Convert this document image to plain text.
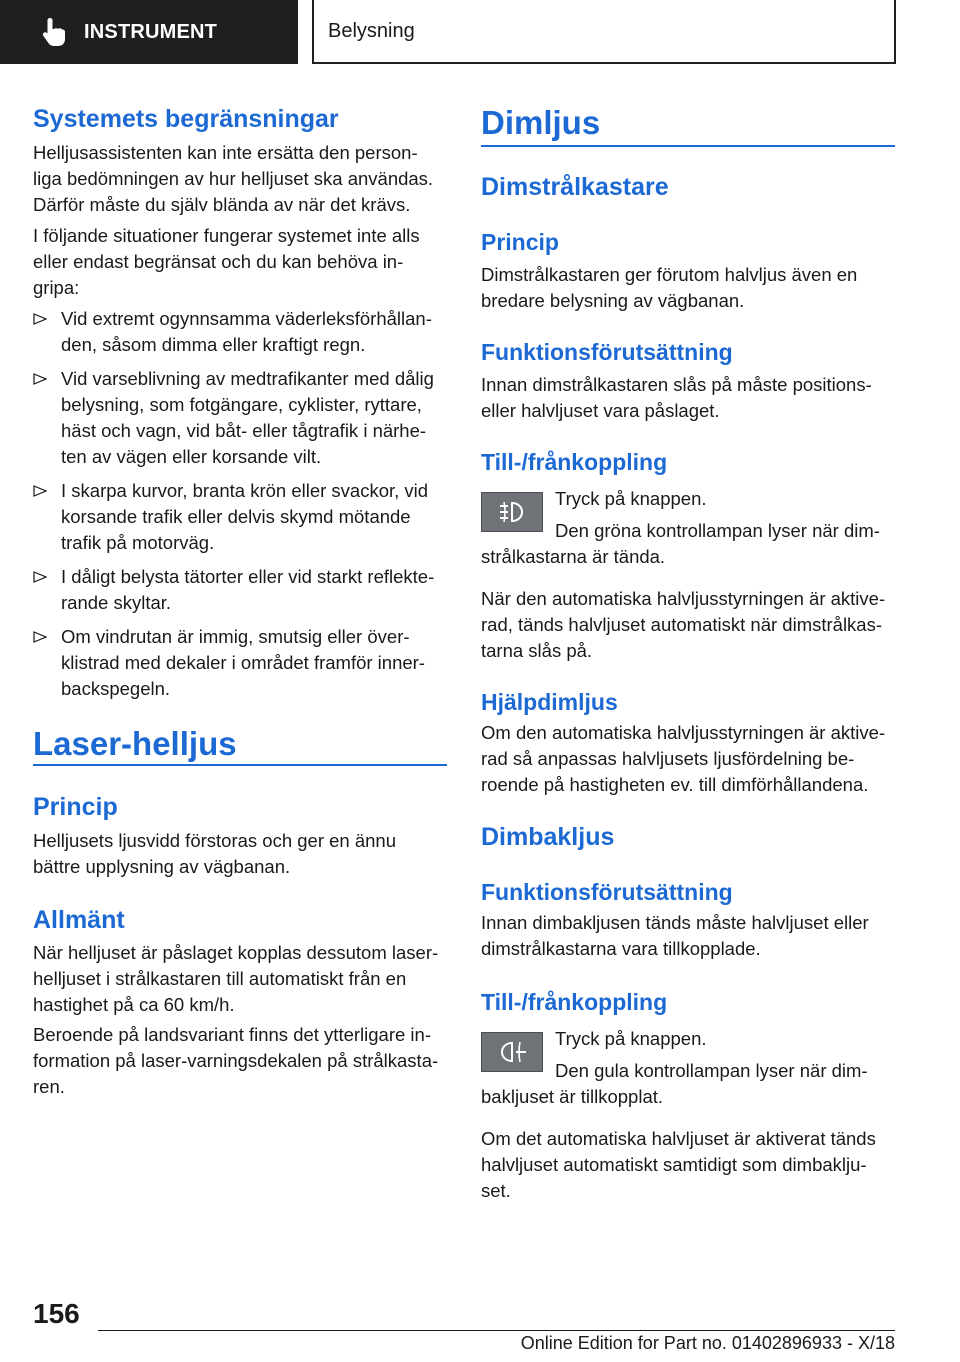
INSTRUMENT	Belysning
Systemets begränsningar

Helljusassistenten kan inte ersätta den person-
liga bedömningen av hur helljuset ska användas.
Därför måste du själv blända av när det krävs.

I följande situationer fungerar systemet inte alls
eller endast begränsat och du kan behöva in-
gripa:

Vid extremt ogynnsamma väderleksförhållan-
den, såsom dimma eller kraftigt regn.
Vid varseblivning av medtrafikanter med dålig
belysning, som fotgängare, cyklister, ryttare,
häst och vagn, vid båt- eller tågtrafik i närhe-
ten av vägen eller korsande vilt.
I skarpa kurvor, branta krön eller svackor, vid
korsande trafik eller delvis skymd mötande
trafik på motorväg.
I dåligt belysta tätorter eller vid starkt reflekte-
rande skyltar.
Om vindrutan är immig, smutsig eller över-
klistrad med dekaler i området framför inner-
backspegeln.
Laser-helljus
Princip

Helljusets ljusvidd förstoras och ger en ännu
bättre upplysning av vägbanan.

Allmänt

När helljuset är påslaget kopplas dessutom laser-
helljuset i strålkastaren till automatiskt från en
hastighet på ca 60 km/h.

Beroende på landsvariant finns det ytterligare in-
formation på laser-varningsdekalen på strålkasta-
ren.

Dimljus
Dimstrålkastare
Princip

Dimstrålkastaren ger förutom halvljus även en
bredare belysning av vägbanan.

Funktionsförutsättning

Innan dimstrålkastaren slås på måste positions-
eller halvljuset vara påslaget.

Till-/frånkoppling

Tryck på knappen.

Den gröna kontrollampan lyser när dim-

strålkastarna är tända.

När den automatiska halvljusstyrningen är aktive-
rad, tänds halvljuset automatiskt när dimstrålkas-
tarna slås på.

Hjälpdimljus

Om den automatiska halvljusstyrningen är aktive-
rad så anpassas halvljusets ljusfördelning be-
roende på hastigheten ev. till dimförhållandena.

Dimbakljus
Funktionsförutsättning

Innan dimbakljusen tänds måste halvljuset eller
dimstrålkastarna vara tillkopplade.

Till-/frånkoppling

Tryck på knappen.

Den gula kontrollampan lyser när dim-

bakljuset är tillkopplat.

Om det automatiska halvljuset är aktiverat tänds
halvljuset automatiskt samtidigt som dimbaklju-
set.

156
Online Edition for Part no. 01402896933 - X/18
